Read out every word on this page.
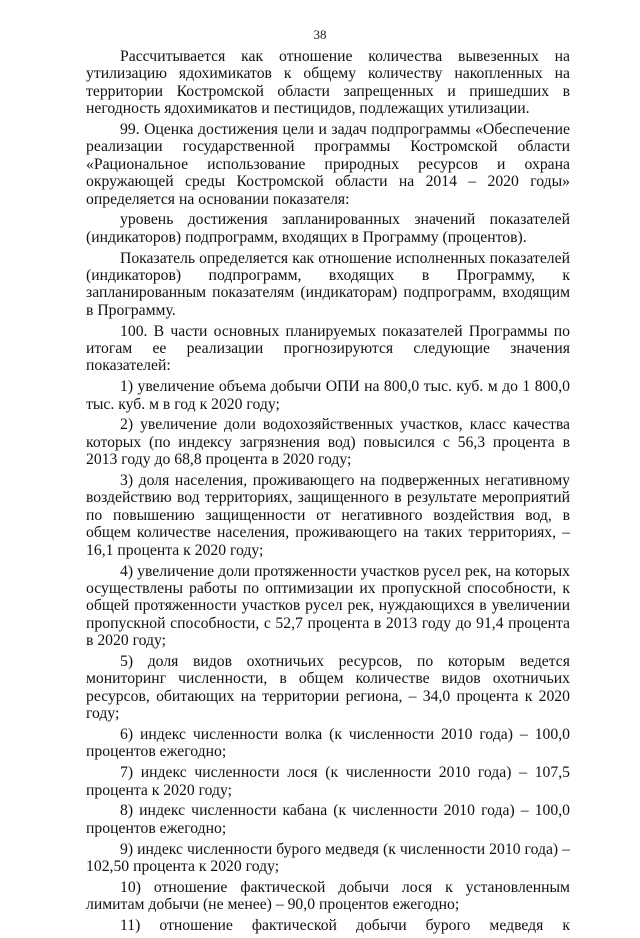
38

Рассчитывается как отношение количества вывезенных на утилизацию ядохимикатов к общему количеству накопленных на территории Костромской области запрещенных и пришедших в негодность ядохимикатов и пестицидов, подлежащих утилизации.

99. Оценка достижения цели и задач подпрограммы «Обеспечение реализации государственной программы Костромской области «Рациональное использование природных ресурсов и охрана окружающей среды Костромской области на 2014 – 2020 годы» определяется на основании показателя:

уровень достижения запланированных значений показателей (индикаторов) подпрограмм, входящих в Программу (процентов).

Показатель определяется как отношение исполненных показателей (индикаторов) подпрограмм, входящих в Программу, к запланированным показателям (индикаторам) подпрограмм, входящим в Программу.

100. В части основных планируемых показателей Программы по итогам ее реализации прогнозируются следующие значения показателей:

1) увеличение объема добычи ОПИ на 800,0 тыс. куб. м до 1 800,0 тыс. куб. м в год к 2020 году;

2) увеличение доли водохозяйственных участков, класс качества которых (по индексу загрязнения вод) повысился с 56,3 процента в 2013 году до 68,8 процента в 2020 году;

3) доля населения, проживающего на подверженных негативному воздействию вод территориях, защищенного в результате мероприятий по повышению защищенности от негативного воздействия вод, в общем количестве населения, проживающего на таких территориях, – 16,1 процента к 2020 году;

4) увеличение доли протяженности участков русел рек, на которых осуществлены работы по оптимизации их пропускной способности, к общей протяженности участков русел рек, нуждающихся в увеличении пропускной способности, с 52,7 процента в 2013 году до 91,4 процента в 2020 году;

5) доля видов охотничьих ресурсов, по которым ведется мониторинг численности, в общем количестве видов охотничьих ресурсов, обитающих на территории региона, – 34,0 процента к 2020 году;

6) индекс численности волка (к численности 2010 года) – 100,0 процентов ежегодно;

7) индекс численности лося (к численности 2010 года) – 107,5 процента к 2020 году;

8) индекс численности кабана (к численности 2010 года) – 100,0 процентов ежегодно;

9) индекс численности бурого медведя (к численности 2010 года) – 102,50 процента к 2020 году;

10) отношение фактической добычи лося к установленным лимитам добычи (не менее) – 90,0 процентов ежегодно;

11) отношение фактической добычи бурого медведя к
